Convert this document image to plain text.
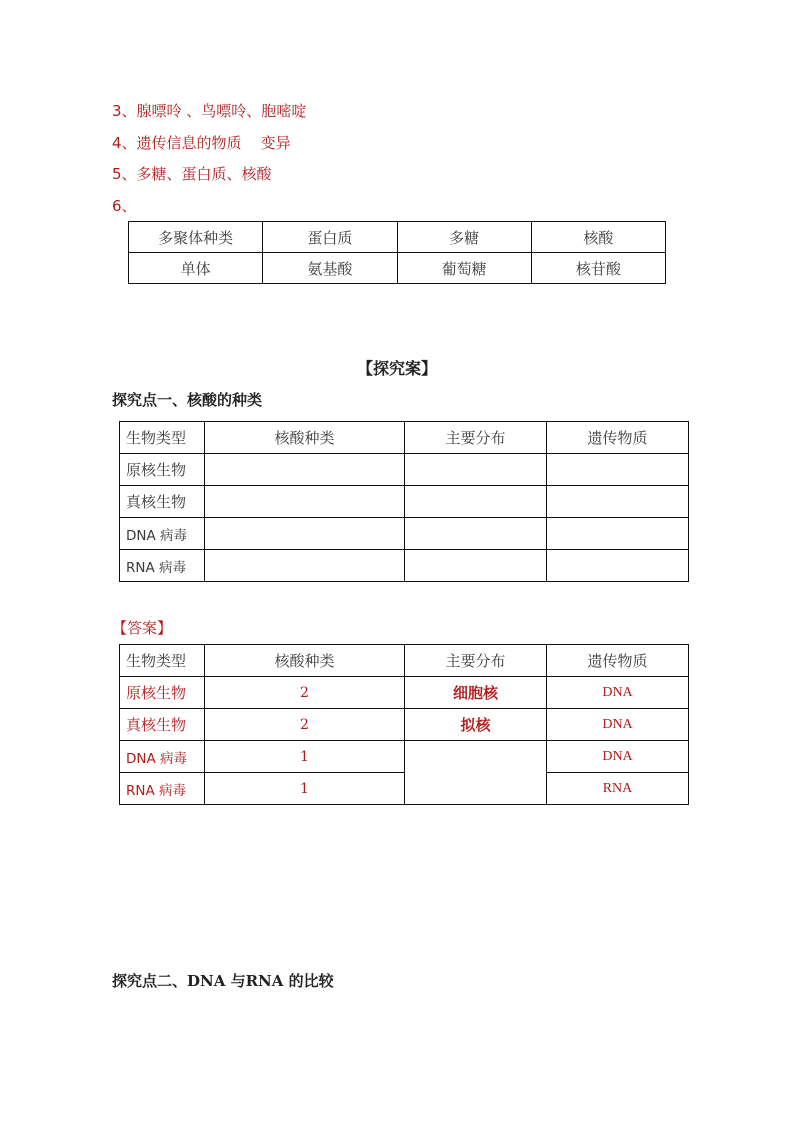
3、腺嘌呤 、鸟嘌呤、胞嘧啶
4、遗传信息的物质    变异
5、多糖、蛋白质、核酸
6、
多聚体种类	蛋白质	多糖	核酸
单体	氨基酸	葡萄糖	核苷酸
【探究案】
探究点一、核酸的种类
生物类型	核酸种类	主要分布	遗传物质
原核生物			
真核生物			
DNA 病毒			
RNA 病毒			
【答案】
生物类型	核酸种类	主要分布	遗传物质
原核生物	2	细胞核	DNA
真核生物	2	拟核	DNA
DNA 病毒	1		DNA
RNA 病毒	1		RNA
探究点二、DNA 与RNA 的比较
